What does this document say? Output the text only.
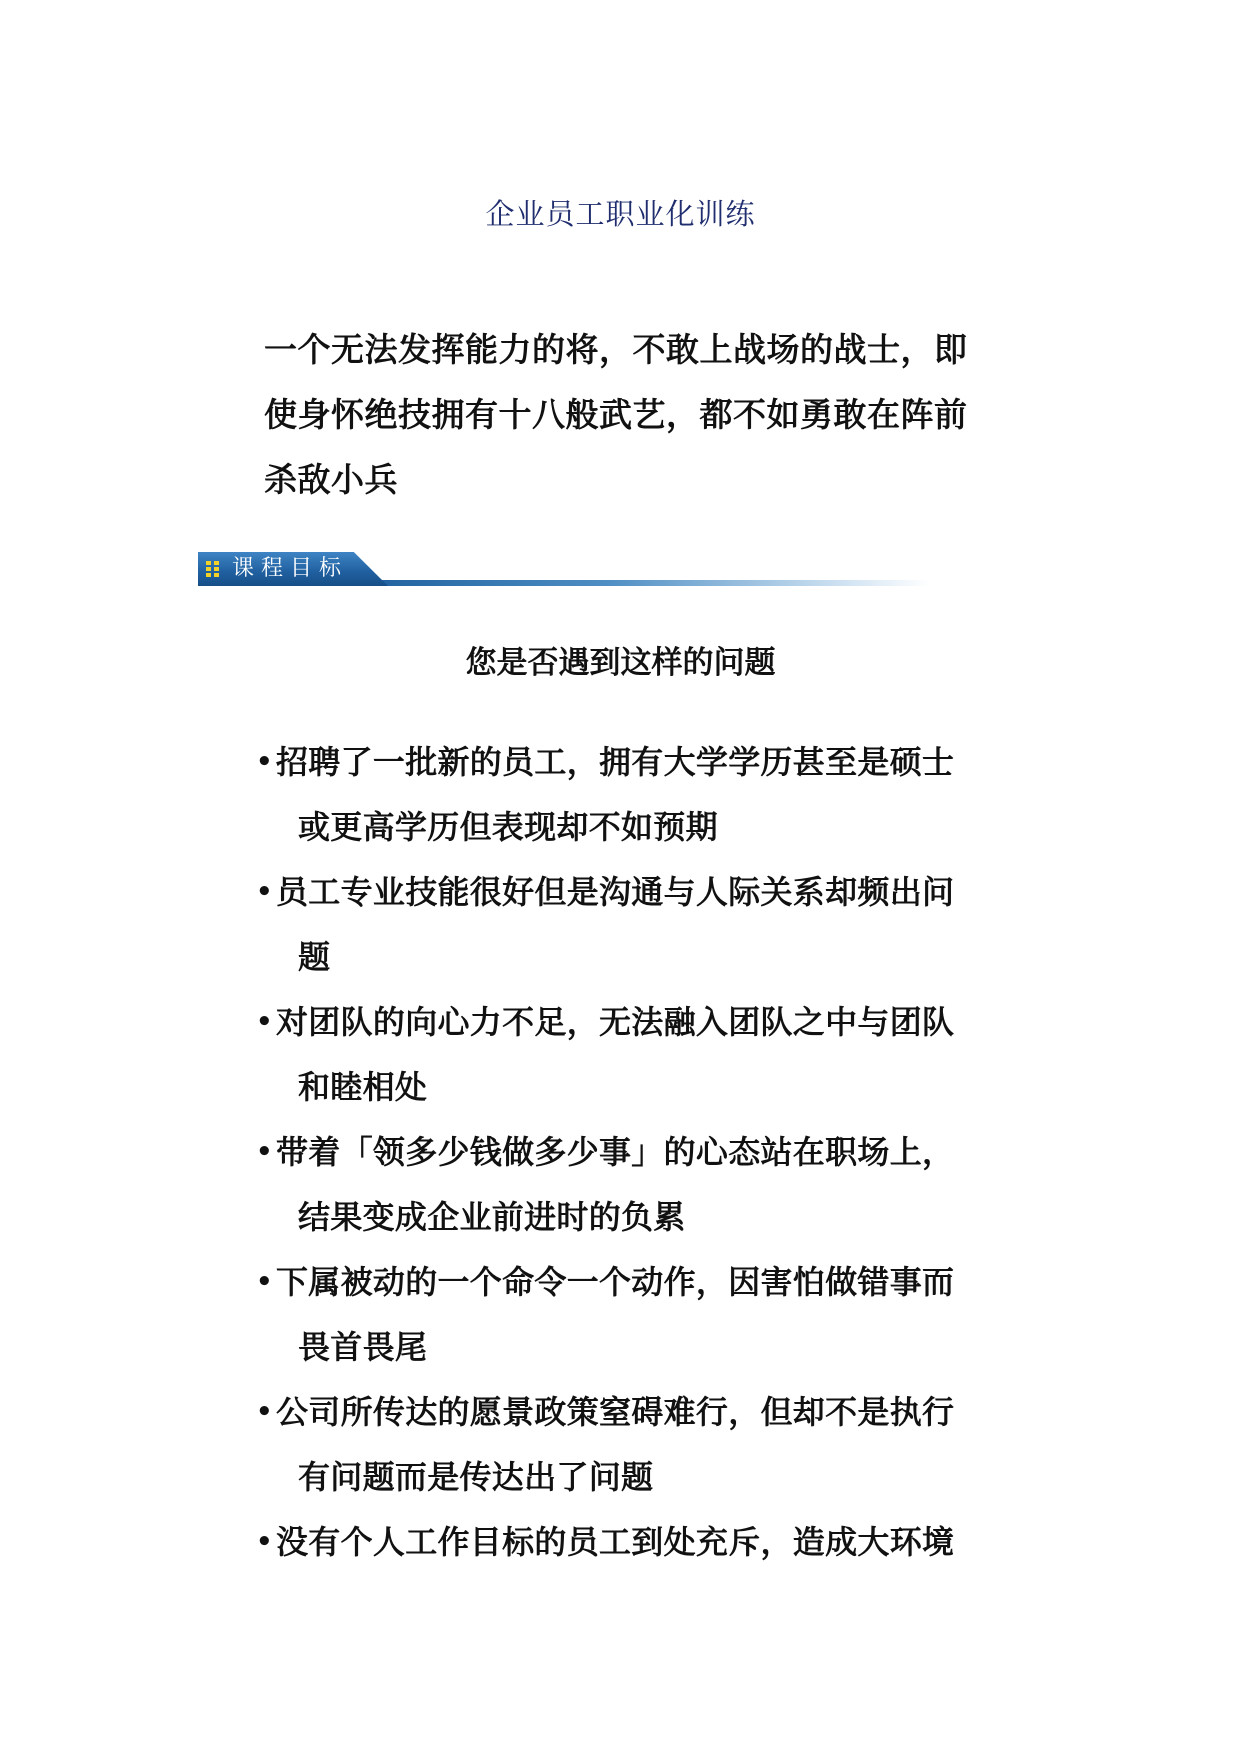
企业员工职业化训练
一个无法发挥能力的将，不敢上战场的战士，即
使身怀绝技拥有十八般武艺，都不如勇敢在阵前
杀敌小兵
课程目标
您是否遇到这样的问题
• 招聘了一批新的员工，拥有大学学历甚至是硕士
或更高学历但表现却不如预期
• 员工专业技能很好但是沟通与人际关系却频出问
题
• 对团队的向心力不足，无法融入团队之中与团队
和睦相处
• 带着「领多少钱做多少事」的心态站在职场上，
结果变成企业前进时的负累
• 下属被动的一个命令一个动作，因害怕做错事而
畏首畏尾
• 公司所传达的愿景政策窒碍难行，但却不是执行
有问题而是传达出了问题
• 没有个人工作目标的员工到处充斥，造成大环境
